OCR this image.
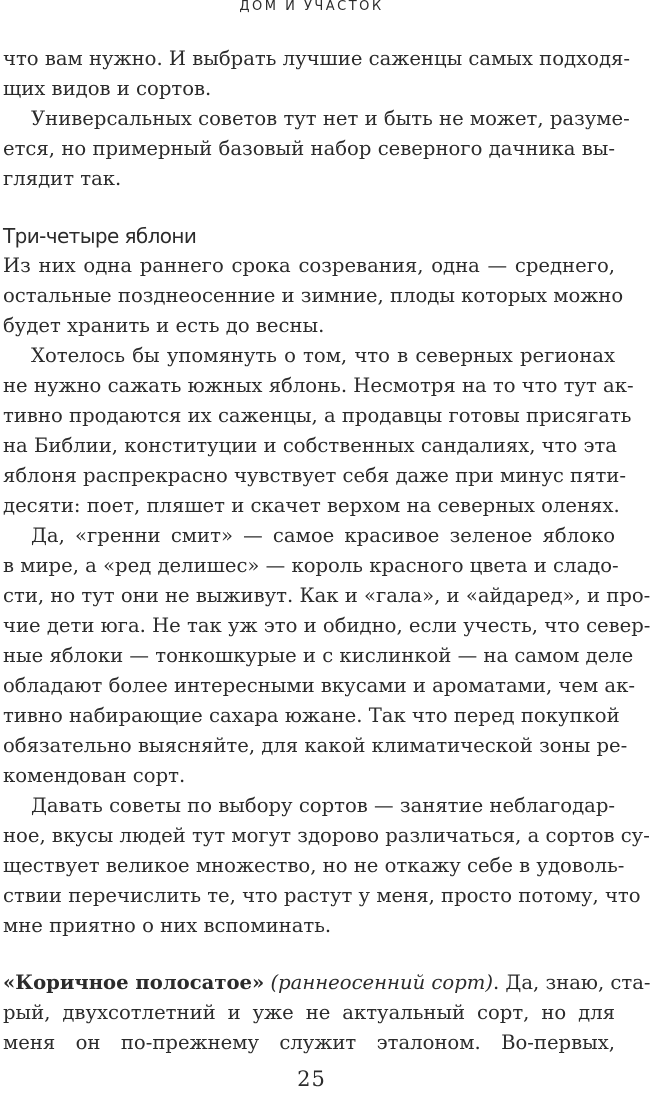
ДОМ И УЧАСТОК
что вам нужно. И выбрать лучшие саженцы самых подходя-
щих видов и сортов.
Универсальных советов тут нет и быть не может, разуме-
ется, но примерный базовый набор северного дачника вы-
глядит так.
Три-четыре яблони
Из них одна раннего срока созревания, одна — среднего,
остальные позднеосенние и зимние, плоды которых можно
будет хранить и есть до весны.
Хотелось бы упомянуть о том, что в северных регионах
не нужно сажать южных яблонь. Несмотря на то что тут ак-
тивно продаются их саженцы, а продавцы готовы присягать
на Библии, конституции и собственных сандалиях, что эта
яблоня распрекрасно чувствует себя даже при минус пяти-
десяти: поет, пляшет и скачет верхом на северных оленях.
Да, «гренни смит» — самое красивое зеленое яблоко
в мире, а «ред делишес» — король красного цвета и сладо-
сти, но тут они не выживут. Как и «гала», и «айдаред», и про-
чие дети юга. Не так уж это и обидно, если учесть, что север-
ные яблоки — тонкошкурые и с кислинкой — на самом деле
обладают более интересными вкусами и ароматами, чем ак-
тивно набирающие сахара южане. Так что перед покупкой
обязательно выясняйте, для какой климатической зоны ре-
комендован сорт.
Давать советы по выбору сортов — занятие неблагодар-
ное, вкусы людей тут могут здорово различаться, а сортов су-
ществует великое множество, но не откажу себе в удоволь-
ствии перечислить те, что растут у меня, просто потому, что
мне приятно о них вспоминать.
«Коричное полосатое» (раннеосенний сорт). Да, знаю, ста-
рый, двухсотлетний и уже не актуальный сорт, но для
меня он по-прежнему служит эталоном. Во-первых,
25
